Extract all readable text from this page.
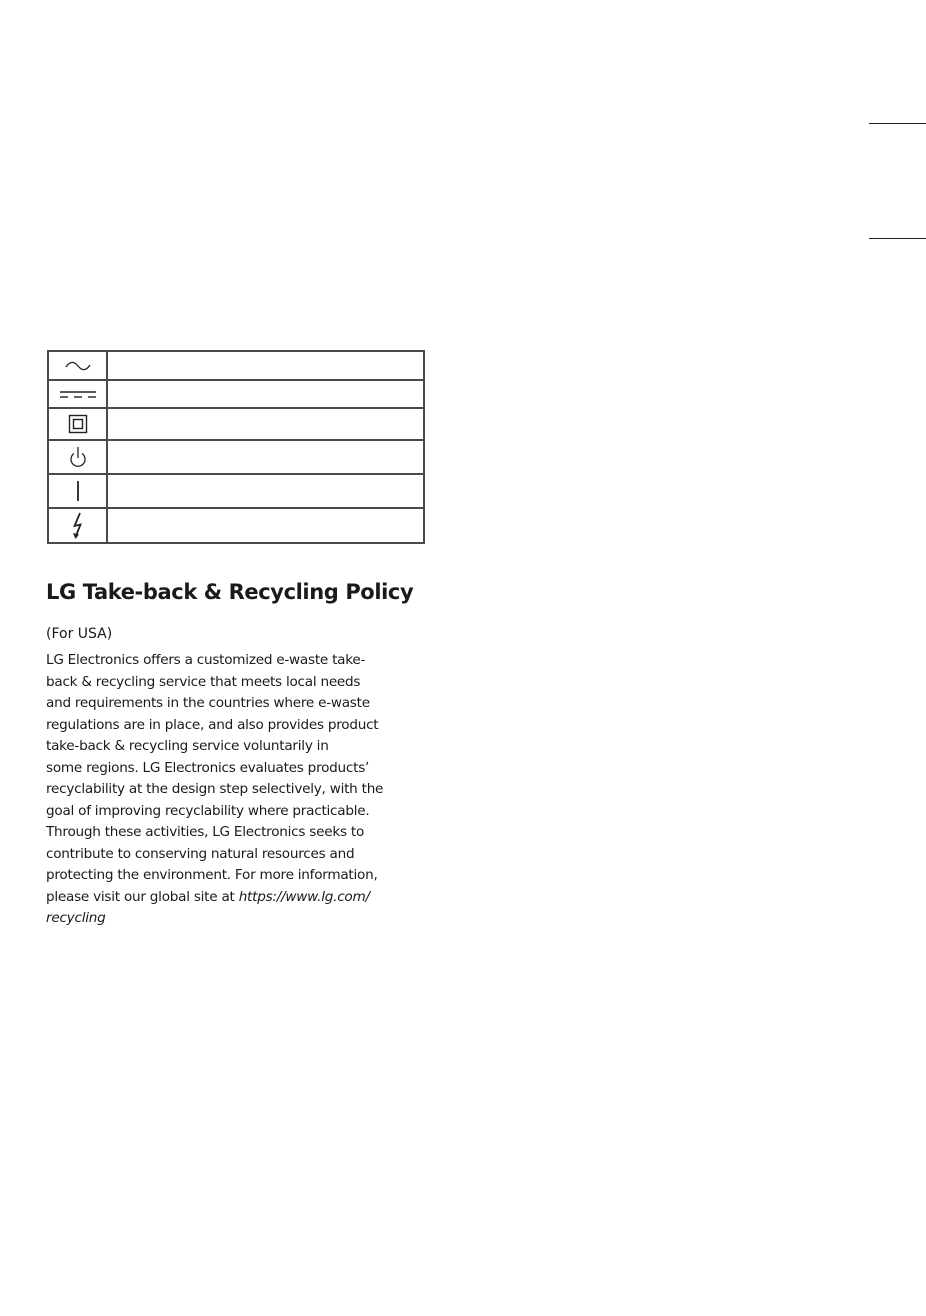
LG Take-back & Recycling Policy

(For USA)

LG Electronics offers a customized e-waste take-
back & recycling service that meets local needs
and requirements in the countries where e-waste
regulations are in place, and also provides product
take-back & recycling service voluntarily in
some regions. LG Electronics evaluates products’
recyclability at the design step selectively, with the
goal of improving recyclability where practicable.
Through these activities, LG Electronics seeks to
contribute to conserving natural resources and
protecting the environment. For more information,
please visit our global site at https://www.lg.com/
recycling
